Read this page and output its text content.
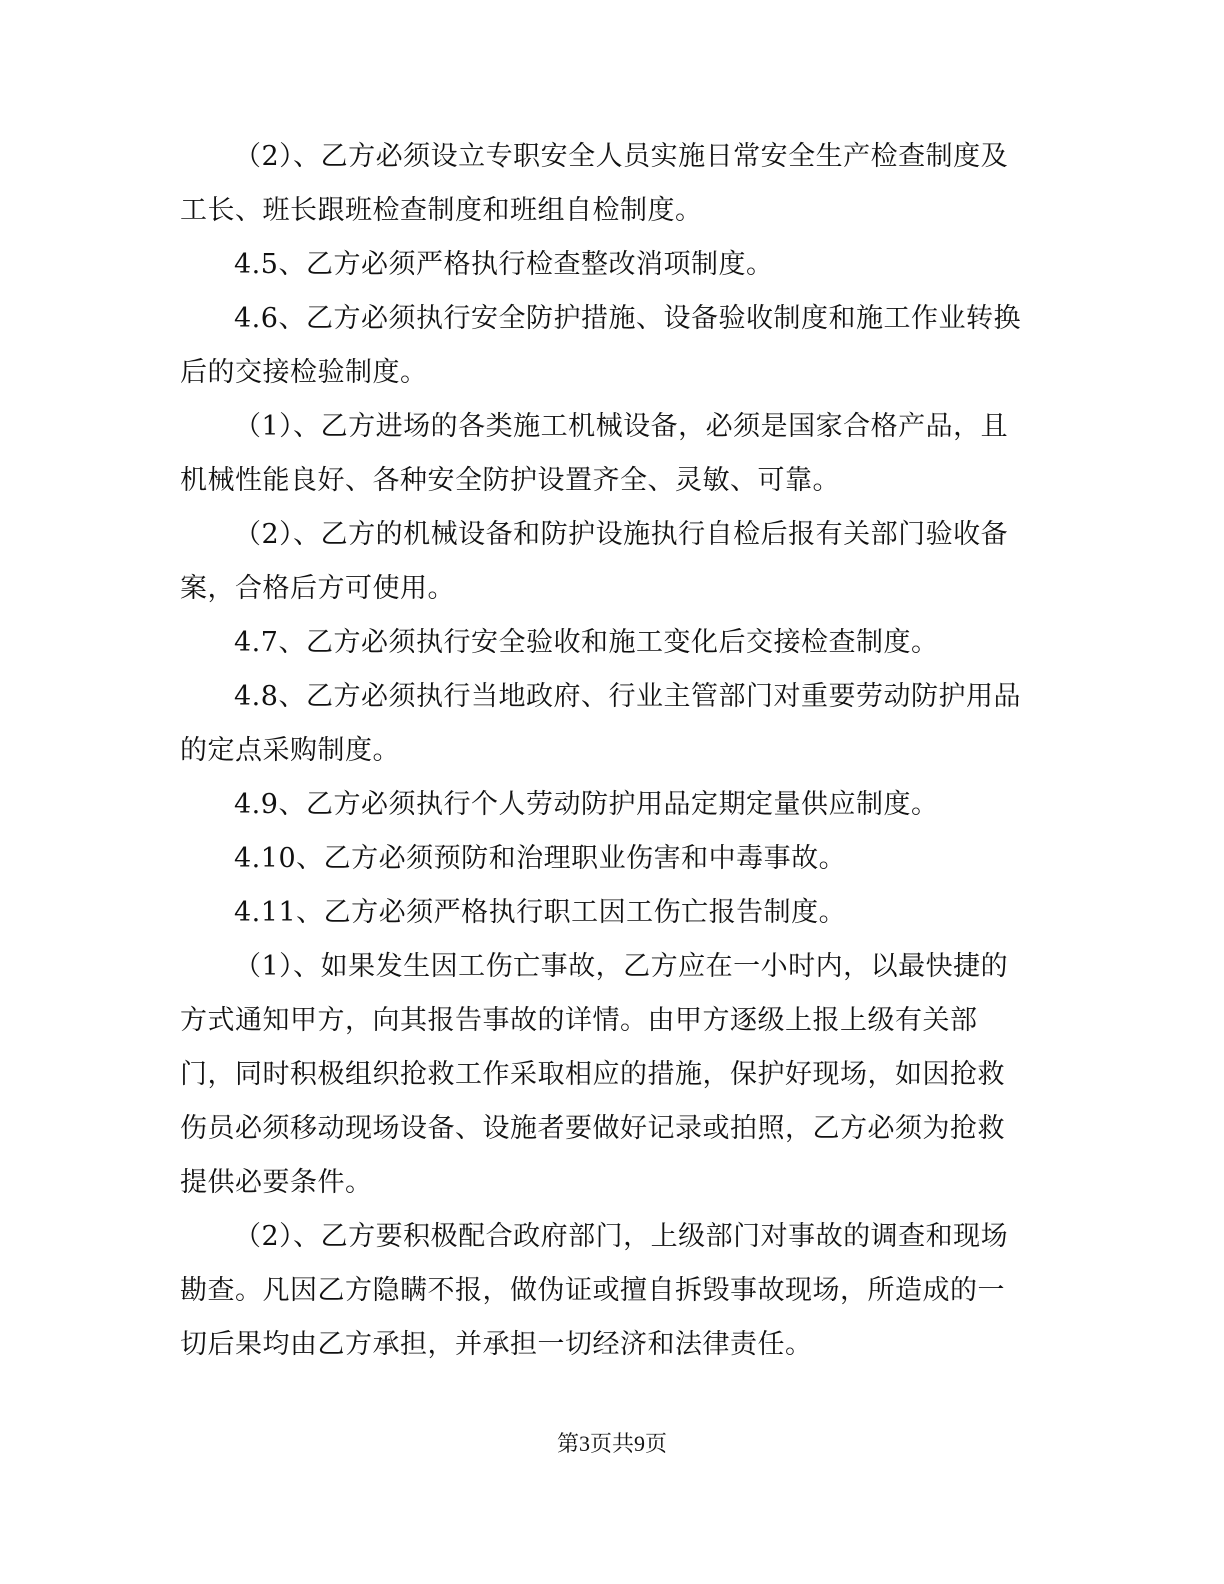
（2）、乙方必须设立专职安全人员实施日常安全生产检查制度及
工长、班长跟班检查制度和班组自检制度。
4.5、乙方必须严格执行检查整改消项制度。
4.6、乙方必须执行安全防护措施、设备验收制度和施工作业转换
后的交接检验制度。
（1）、乙方进场的各类施工机械设备，必须是国家合格产品，且
机械性能良好、各种安全防护设置齐全、灵敏、可靠。
（2）、乙方的机械设备和防护设施执行自检后报有关部门验收备
案，合格后方可使用。
4.7、乙方必须执行安全验收和施工变化后交接检查制度。
4.8、乙方必须执行当地政府、行业主管部门对重要劳动防护用品
的定点采购制度。
4.9、乙方必须执行个人劳动防护用品定期定量供应制度。
4.10、乙方必须预防和治理职业伤害和中毒事故。
4.11、乙方必须严格执行职工因工伤亡报告制度。
（1）、如果发生因工伤亡事故，乙方应在一小时内，以最快捷的
方式通知甲方，向其报告事故的详情。由甲方逐级上报上级有关部
门，同时积极组织抢救工作采取相应的措施，保护好现场，如因抢救
伤员必须移动现场设备、设施者要做好记录或拍照，乙方必须为抢救
提供必要条件。
（2）、乙方要积极配合政府部门，上级部门对事故的调查和现场
勘查。凡因乙方隐瞒不报，做伪证或擅自拆毁事故现场，所造成的一
切后果均由乙方承担，并承担一切经济和法律责任。
第3页共9页
